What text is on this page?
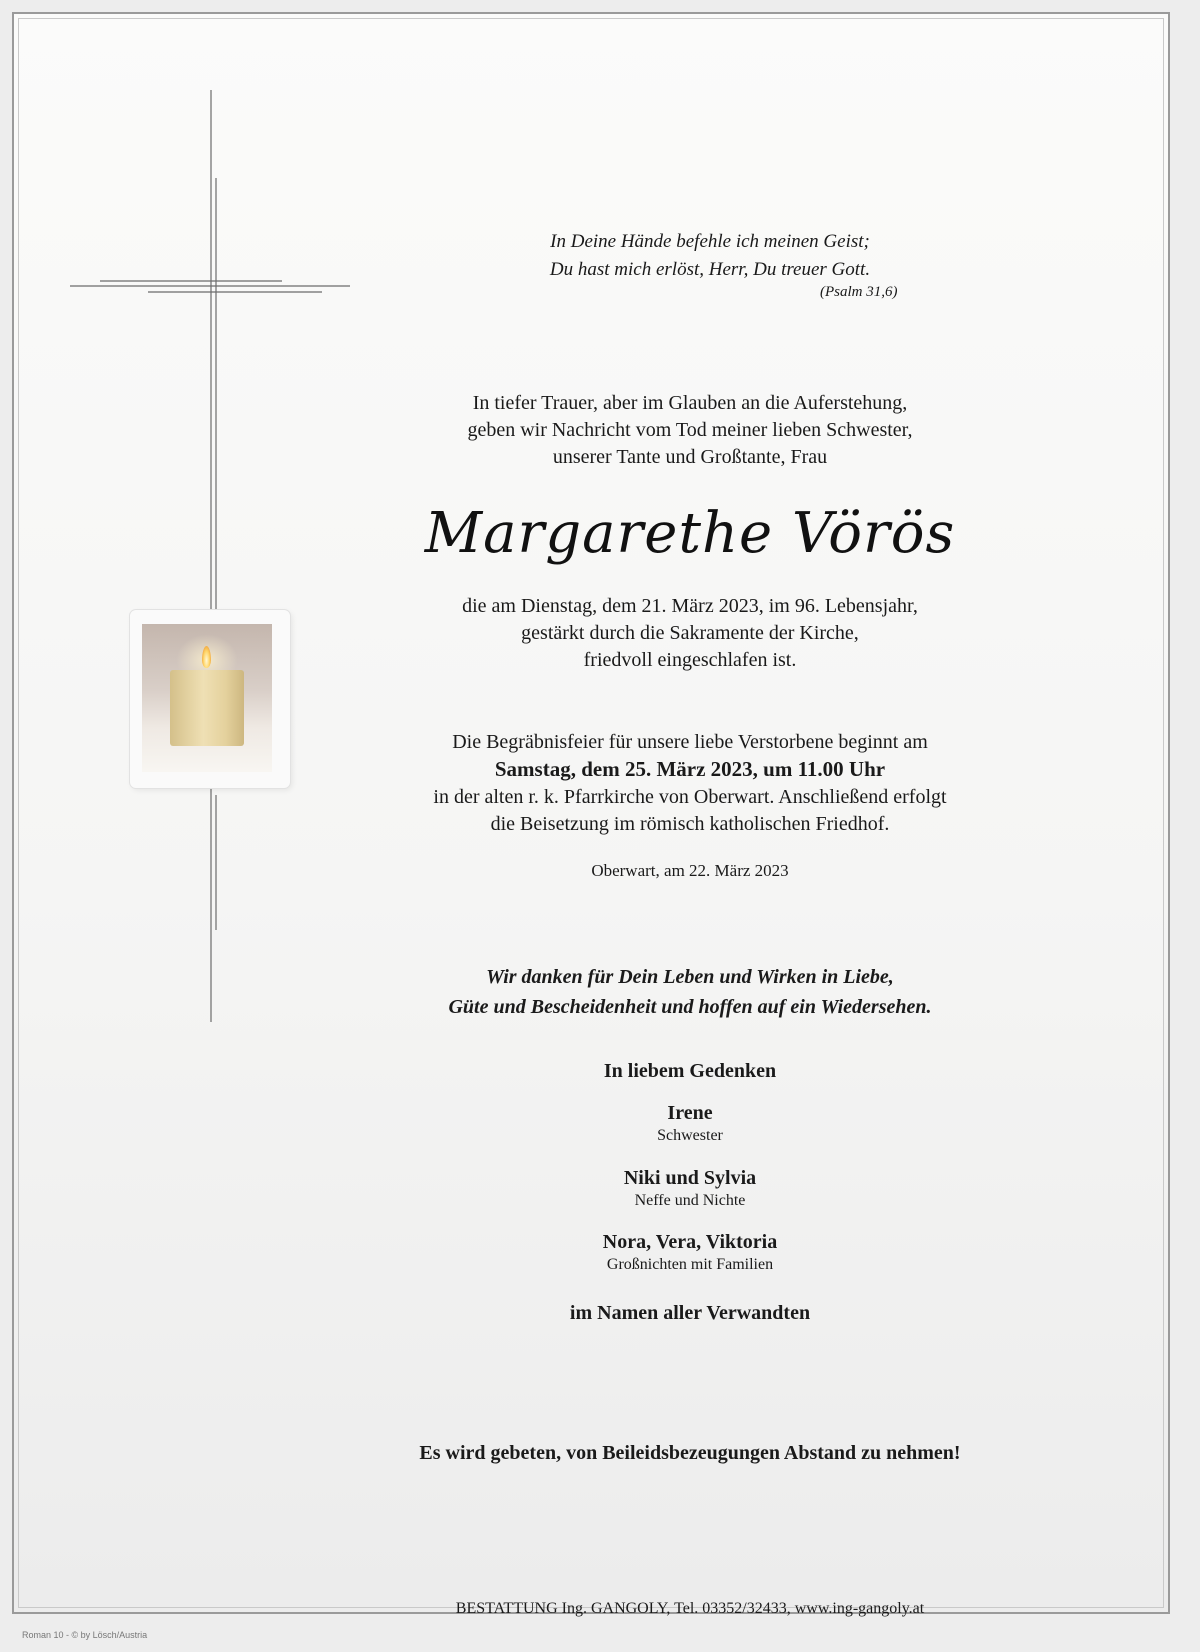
In Deine Hände befehle ich meinen Geist;
Du hast mich erlöst, Herr, Du treuer Gott.
(Psalm 31,6)
In tiefer Trauer, aber im Glauben an die Auferstehung,
geben wir Nachricht vom Tod meiner lieben Schwester,
unserer Tante und Großtante, Frau
Margarethe Vörös
die am Dienstag, dem 21. März 2023, im 96. Lebensjahr,
gestärkt durch die Sakramente der Kirche,
friedvoll eingeschlafen ist.
Die Begräbnisfeier für unsere liebe Verstorbene beginnt am
Samstag, dem 25. März 2023, um 11.00 Uhr
in der alten r. k. Pfarrkirche von Oberwart. Anschließend erfolgt
die Beisetzung im römisch katholischen Friedhof.
Oberwart, am 22. März 2023
Wir danken für Dein Leben und Wirken in Liebe,
Güte und Bescheidenheit und hoffen auf ein Wiedersehen.
In liebem Gedenken
Irene
Schwester
Niki und Sylvia
Neffe und Nichte
Nora, Vera, Viktoria
Großnichten mit Familien
im Namen aller Verwandten
Es wird gebeten, von Beileidsbezeugungen Abstand zu nehmen!
BESTATTUNG Ing. GANGOLY, Tel. 03352/32433, www.ing-gangoly.at
Roman 10 - © by Lösch/Austria
